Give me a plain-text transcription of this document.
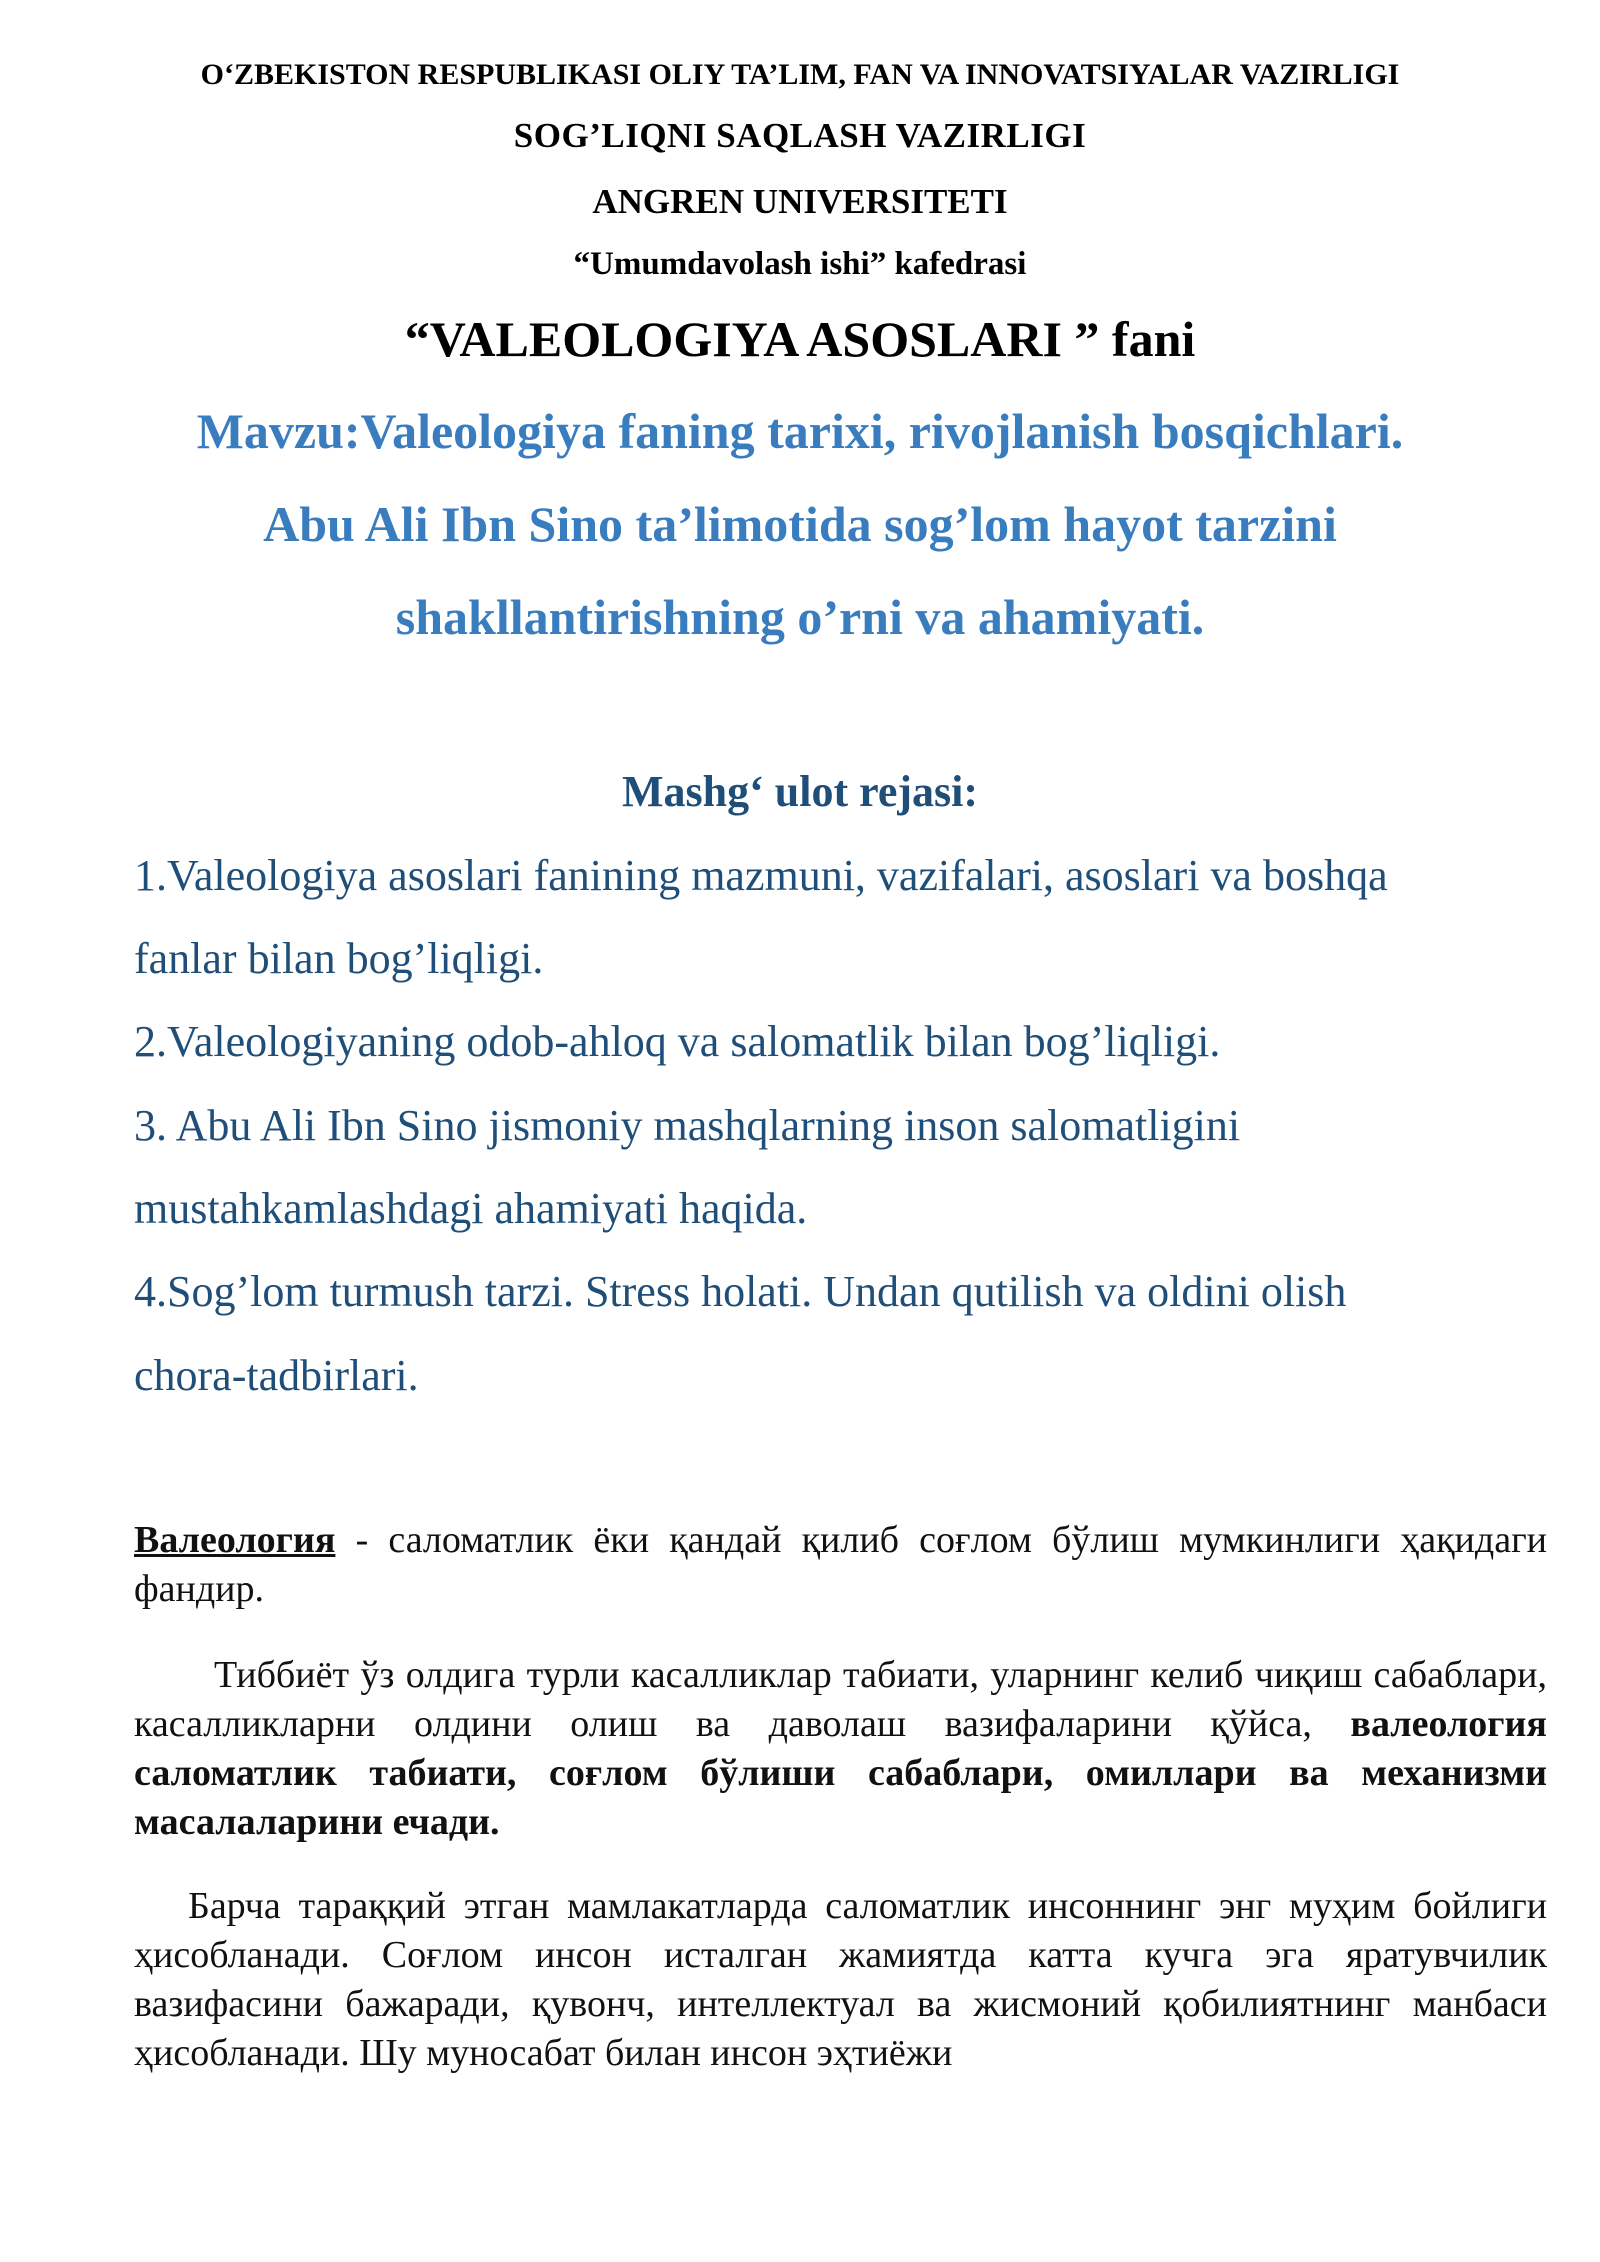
O‘ZBEKISTON RESPUBLIKASI OLIY TA’LIM, FAN VA INNOVATSIYALAR VAZIRLIGI
SOG’LIQNI SAQLASH VAZIRLIGI
ANGREN UNIVERSITETI
“Umumdavolash ishi” kafedrasi
“VALEOLOGIYA ASOSLARI ” fani
Mavzu:Valeologiya faning tarixi, rivojlanish bosqichlari.
Abu Ali Ibn Sino ta’limotida sog’lom hayot tarzini
shakllantirishning o’rni va ahamiyati.
Mashg‘ ulot rejasi:
1.Valeologiya asoslari fanining mazmuni, vazifalari, asoslari va boshqa
fanlar bilan bog’liqligi.
2.Valeologiyaning odob-ahloq va salomatlik bilan bog’liqligi.
3. Abu Ali Ibn Sino jismoniy mashqlarning inson salomatligini
mustahkamlashdagi ahamiyati haqida.
4.Sog’lom turmush tarzi. Stress holati. Undan qutilish va oldini olish
chora-tadbirlari.
Валеология - саломатлик ёки қандай қилиб соғлом бўлиш мумкинлиги ҳақидаги фандир.
Тиббиёт ўз олдига турли касалликлар табиати, уларнинг келиб чиқиш сабаблари, касалликларни олдини олиш ва даволаш вазифаларини қўйса, валеология саломатлик табиати, соғлом бўлиши сабаблари, омиллари ва механизми масалаларини ечади.
Барча тараққий этган мамлакатларда саломатлик инсоннинг энг муҳим бойлиги ҳисобланади. Соғлом инсон исталган жамиятда катта кучга эга яратувчилик вазифасини бажаради, қувонч, интеллектуал ва жисмоний қобилиятнинг манбаси ҳисобланади. Шу муносабат билан инсон эҳтиёжи
